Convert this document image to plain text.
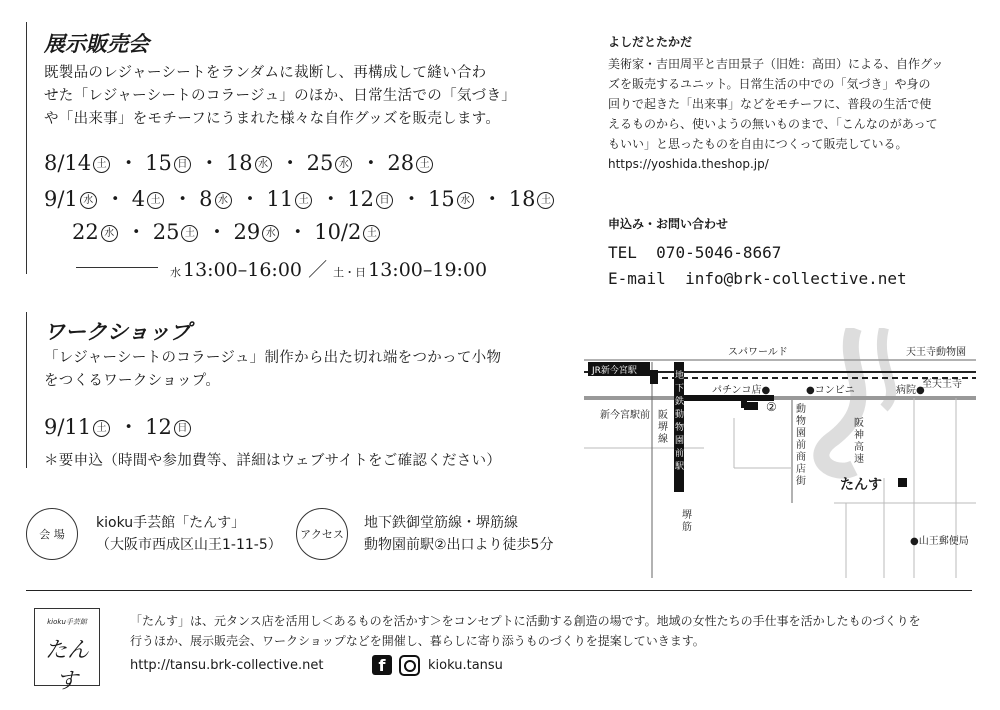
展示販売会
既製品のレジャーシートをランダムに裁断し、再構成して縫い合わ
せた「レジャーシートのコラージュ」のほか、日常生活での「気づき」
や「出来事」をモチーフにうまれた様々な自作グッズを販売します。
8/14 土 ・ 15 日 ・ 18 水 ・ 25 水 ・ 28 土
9/1 水 ・ 4 土 ・ 8 水 ・ 11 土 ・ 12 日 ・ 15 水 ・ 18 土
22 水 ・ 25 土 ・ 29 水 ・ 10/2 土
水 13:00–16:00 ／ 土・日 13:00–19:00
ワークショップ
「レジャーシートのコラージュ」制作から出た切れ端をつかって小物
をつくるワークショップ。
9/11 土 ・ 12 日
＊要申込（時間や参加費等、詳細はウェブサイトをご確認ください）
会 場
kioku手芸館「たんす」
（大阪市西成区山王1-11-5）
アクセス
地下鉄御堂筋線・堺筋線
動物園前駅②出口より徒歩5分
よしだとたかだ
美術家・吉田周平と吉田景子（旧姓：高田）による、自作グッ
ズを販売するユニット。日常生活の中での「気づき」や身の
回りで起きた「出来事」などをモチーフに、普段の生活で使
えるものから、使いようの無いものまで、「こんなのがあって
もいい」と思ったものを自由につくって販売している。
https://yoshida.theshop.jp/
申込み・お問い合わせ
TEL 070-5046-8667
E-mail info@brk-collective.net
スパワールド	天王寺動物園
JR新今宮駅
至天王寺
パチンコ店●	●コンビニ	病院●
②
新今宮駅前 阪堺線
地下鉄動物園前駅
動物園前商店街
阪神高速
たんす
堺筋
●山王郵便局
kioku手芸館
たんす
「たんす」は、元タンス店を活用し＜あるものを活かす＞をコンセプトに活動する創造の場です。地域の女性たちの手仕事を活かしたものづくりを
行うほか、展示販売会、ワークショップなどを開催し、暮らしに寄り添うものづくりを提案していきます。
http://tansu.brk-collective.net	f	kioku.tansu
